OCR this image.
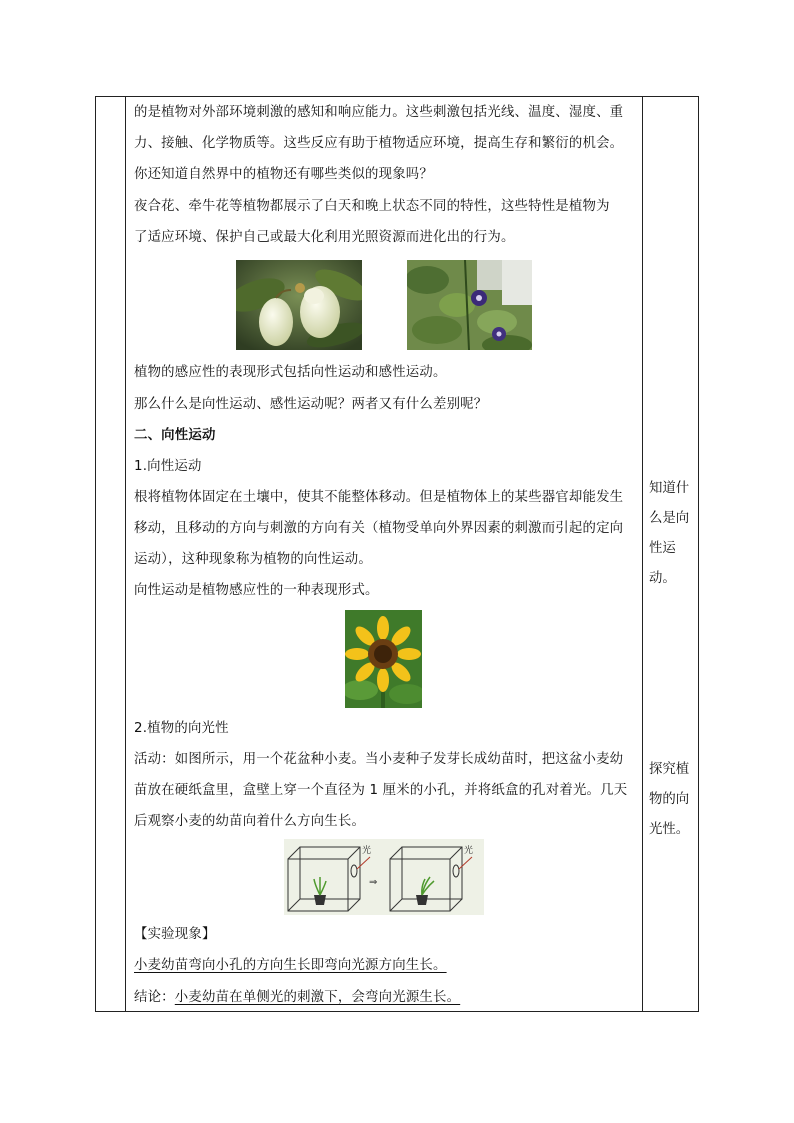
的是植物对外部环境刺激的感知和响应能力。这些刺激包括光线、温度、湿度、重
力、接触、化学物质等。这些反应有助于植物适应环境，提高生存和繁衍的机会。
你还知道自然界中的植物还有哪些类似的现象吗？
夜合花、牵牛花等植物都展示了白天和晚上状态不同的特性，这些特性是植物为
了适应环境、保护自己或最大化利用光照资源而进化出的行为。
植物的感应性的表现形式包括向性运动和感性运动。
那么什么是向性运动、感性运动呢？两者又有什么差别呢？
二、向性运动
1.向性运动
根将植物体固定在土壤中，使其不能整体移动。但是植物体上的某些器官却能发生
移动，且移动的方向与刺激的方向有关（植物受单向外界因素的刺激而引起的定向
运动），这种现象称为植物的向性运动。
向性运动是植物感应性的一种表现形式。
2.植物的向光性
活动：如图所示，用一个花盆种小麦。当小麦种子发芽长成幼苗时，把这盆小麦幼
苗放在硬纸盒里，盒壁上穿一个直径为 1 厘米的小孔，并将纸盒的孔对着光。几天
后观察小麦的幼苗向着什么方向生长。
光	光
⇒
【实验现象】
小麦幼苗弯向小孔的方向生长即弯向光源方向生长。
结论：小麦幼苗在单侧光的刺激下，会弯向光源生长。
知道什
么是向
性运
动。
探究植
物的向
光性。
